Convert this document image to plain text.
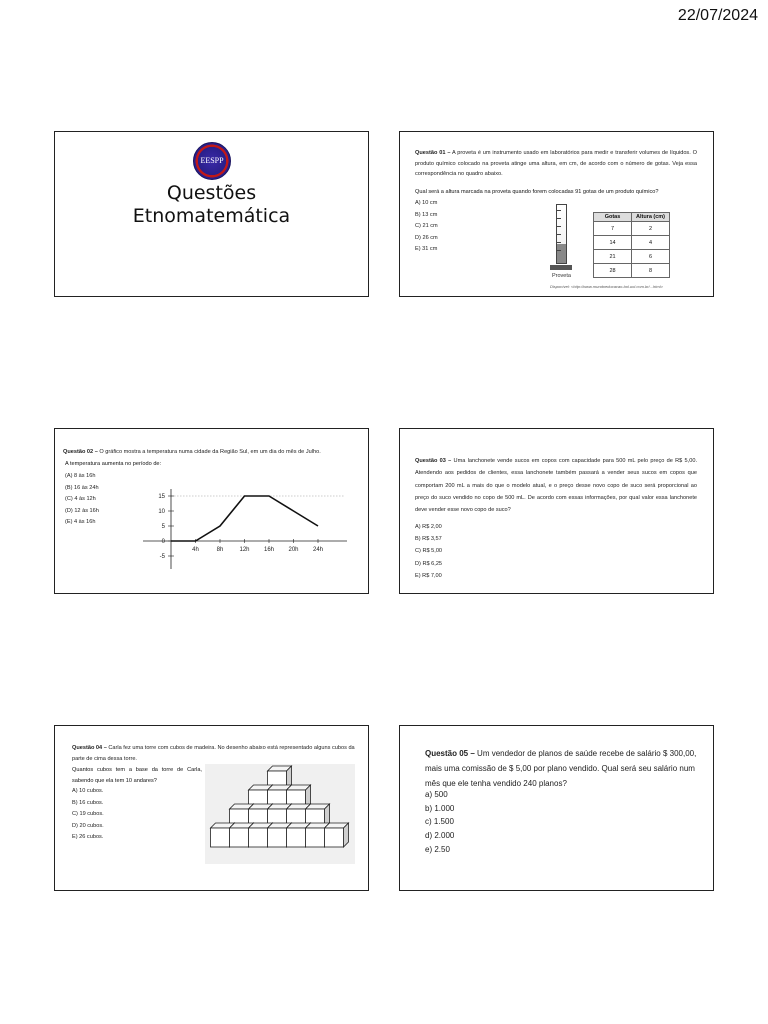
22/07/2024
EESPP
Questões
Etnomatemática
Questão 01 – A proveta é um instrumento usado em laboratórios para medir e transferir volumes de líquidos. O produto químico colocado na proveta atinge uma altura, em cm, de acordo com o número de gotas. Veja essa correspondência no quadro abaixo.
Qual será a altura marcada na proveta quando forem colocadas 91 gotas de um produto químico?
A) 10 cm
B) 13 cm
C) 21 cm
D) 26 cm
E) 31 cm
Proveta
Gotas	Altura (cm)
7	2
14	4
21	6
28	8
Disponível: <http://www.mundoeducacao.bol.uol.com.br/...html>
Questão 02 – O gráfico mostra a temperatura numa cidade da Região Sul, em um dia do mês de Julho.
A temperatura aumenta no período de:
(A) 8 às 16h
(B) 16 às 24h
(C) 4 às 12h
(D) 12 às 16h
(E) 4 às 16h
15
10
5
0
-5
4h	8h	12h 16h 20h 24h
Questão 03 – Uma lanchonete vende sucos em copos com capacidade para 500 mL pelo preço de R$ 5,00. Atendendo aos pedidos de clientes, essa lanchonete também passará a vender seus sucos em copos que comportam 200 mL a mais do que o modelo atual, e o preço desse novo copo de suco será proporcional ao preço do suco vendido no copo de 500 mL. De acordo com essas informações, por qual valor essa lanchonete deve vender esse novo copo de suco?
A) R$ 2,00
B) R$ 3,57
C) R$ 5,00
D) R$ 6,25
E) R$ 7,00
Questão 04 – Carla fez uma torre com cubos de madeira. No desenho abaixo está representado alguns cubos da parte de cima dessa torre.
Quantos cubos tem a base da torre de Carla, sabendo que ela tem 10 andares?
A) 10 cubos.
B) 16 cubos.
C) 19 cubos.
D) 20 cubos.
E) 26 cubos.
Questão 05 – Um vendedor de planos de saúde recebe de salário $ 300,00, mais uma comissão de $ 5,00 por plano vendido. Qual será seu salário num mês que ele tenha vendido 240 planos?
a) 500
b) 1.000
c) 1.500
d) 2.000
e) 2.50
